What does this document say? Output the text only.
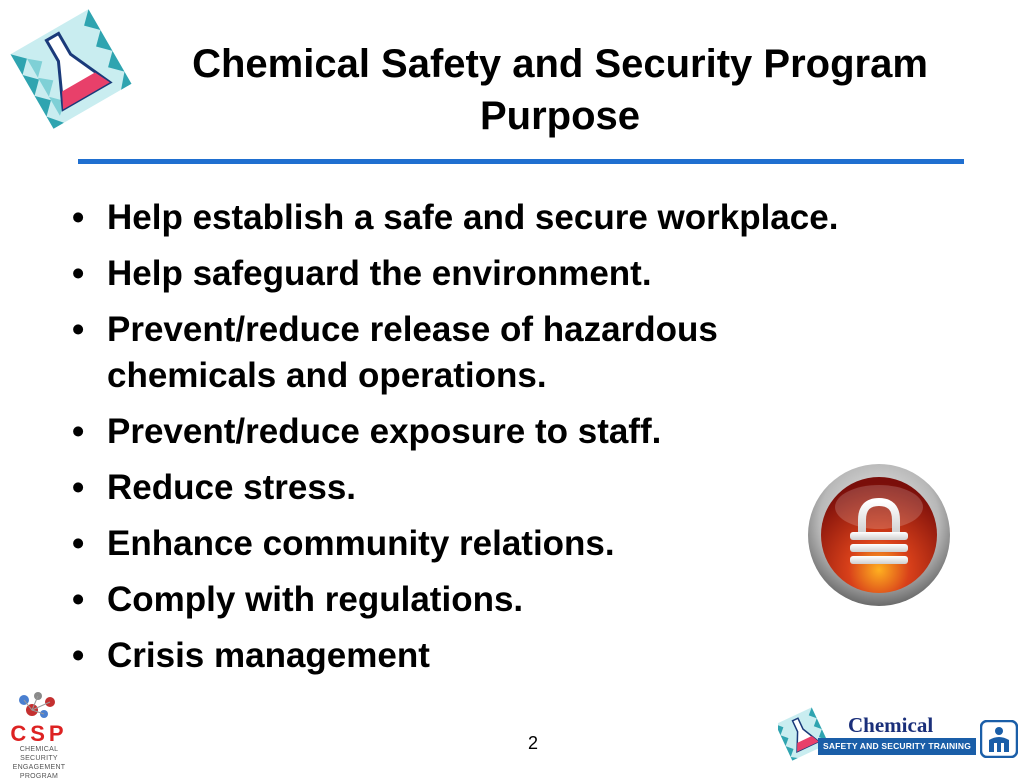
Chemical Safety and Security Program
Purpose
• Help establish a safe and secure workplace.
• Help safeguard the environment.
• Prevent/reduce release of hazardous chemicals and operations.
• Prevent/reduce exposure to staff.
• Reduce stress.
• Enhance community relations.
• Comply with regulations.
• Crisis management
CSP
CHEMICAL SECURITY
ENGAGEMENT PROGRAM
2
Chemical
SAFETY AND SECURITY TRAINING
